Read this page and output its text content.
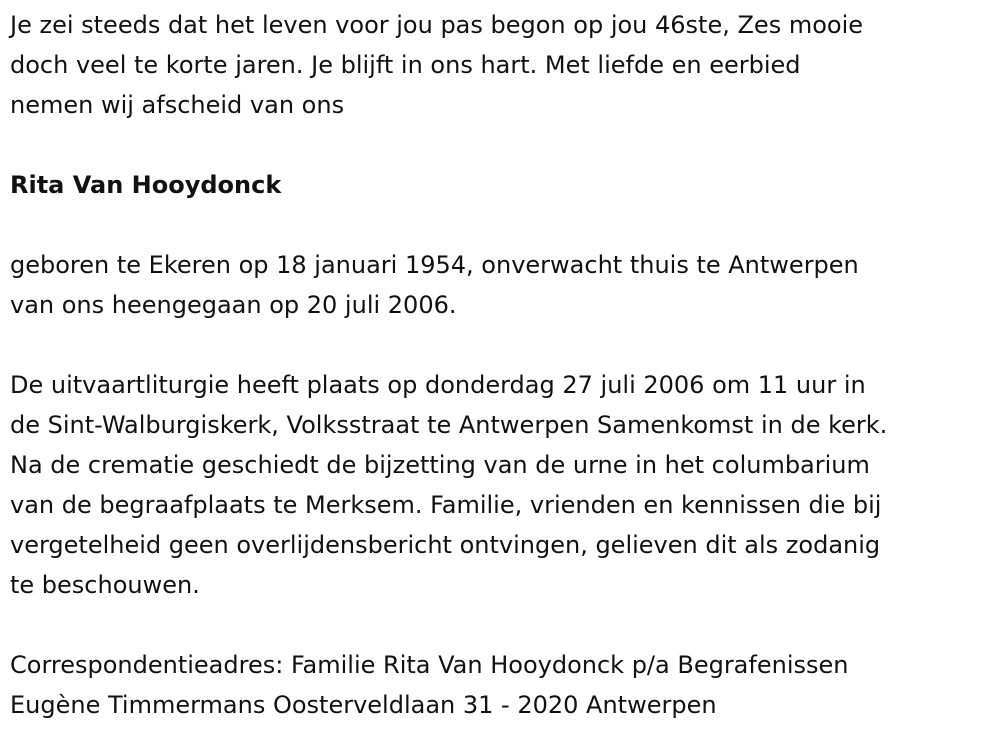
Je zei steeds dat het leven voor jou pas begon op jou 46ste, Zes mooie
doch veel te korte jaren. Je blijft in ons hart. Met liefde en eerbied
nemen wij afscheid van ons

Rita Van Hooydonck

geboren te Ekeren op 18 januari 1954, onverwacht thuis te Antwerpen
van ons heengegaan op 20 juli 2006.

De uitvaartliturgie heeft plaats op donderdag 27 juli 2006 om 11 uur in
de Sint-Walburgiskerk, Volksstraat te Antwerpen Samenkomst in de kerk.
Na de crematie geschiedt de bijzetting van de urne in het columbarium
van de begraafplaats te Merksem. Familie, vrienden en kennissen die bij
vergetelheid geen overlijdensbericht ontvingen, gelieven dit als zodanig
te beschouwen.

Correspondentieadres: Familie Rita Van Hooydonck p/a Begrafenissen
Eugène Timmermans Oosterveldlaan 31 - 2020 Antwerpen
